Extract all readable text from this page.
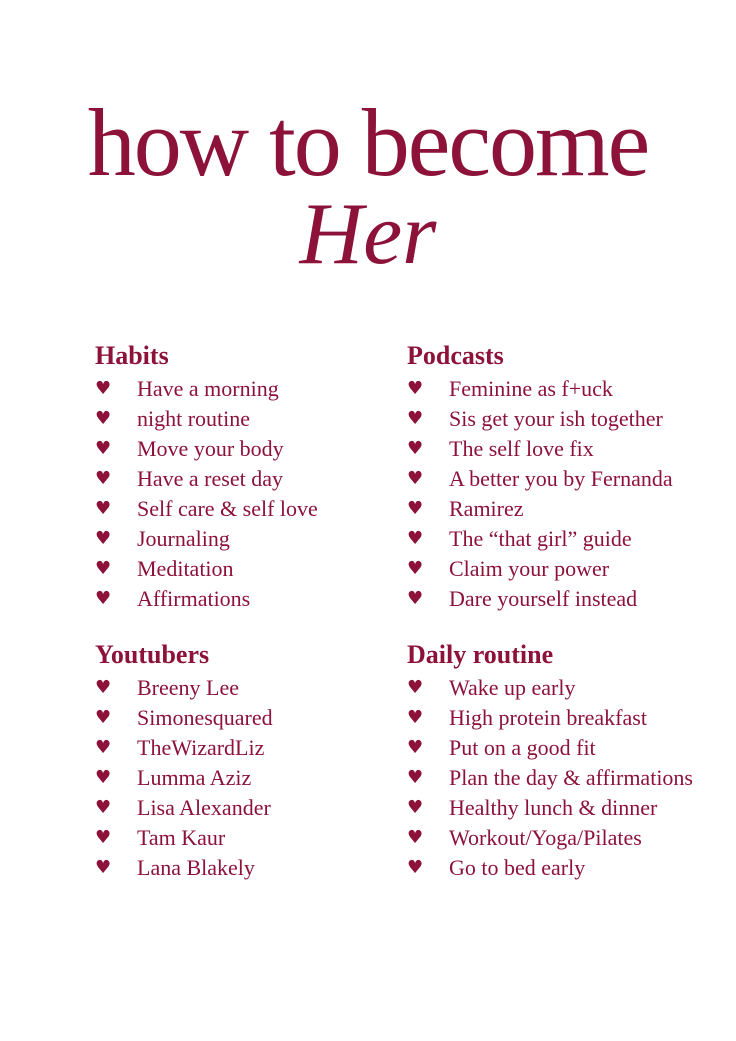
how to become
Her
Habits
♥	Have a morning
♥	night routine
♥	Move your body
♥	Have a reset day
♥	Self care & self love
♥	Journaling
♥	Meditation
♥	Affirmations
Podcasts
♥	Feminine as f+uck
♥	Sis get your ish together
♥	The self love fix
♥	A better you by Fernanda
♥	Ramirez
♥	The “that girl” guide
♥	Claim your power
♥	Dare yourself instead
Youtubers
♥	Breeny Lee
♥	Simonesquared
♥	TheWizardLiz
♥	Lumma Aziz
♥	Lisa Alexander
♥	Tam Kaur
♥	Lana Blakely
Daily routine
♥	Wake up early
♥	High protein breakfast
♥	Put on a good fit
♥	Plan the day & affirmations
♥	Healthy lunch & dinner
♥	Workout/Yoga/Pilates
♥	Go to bed early
